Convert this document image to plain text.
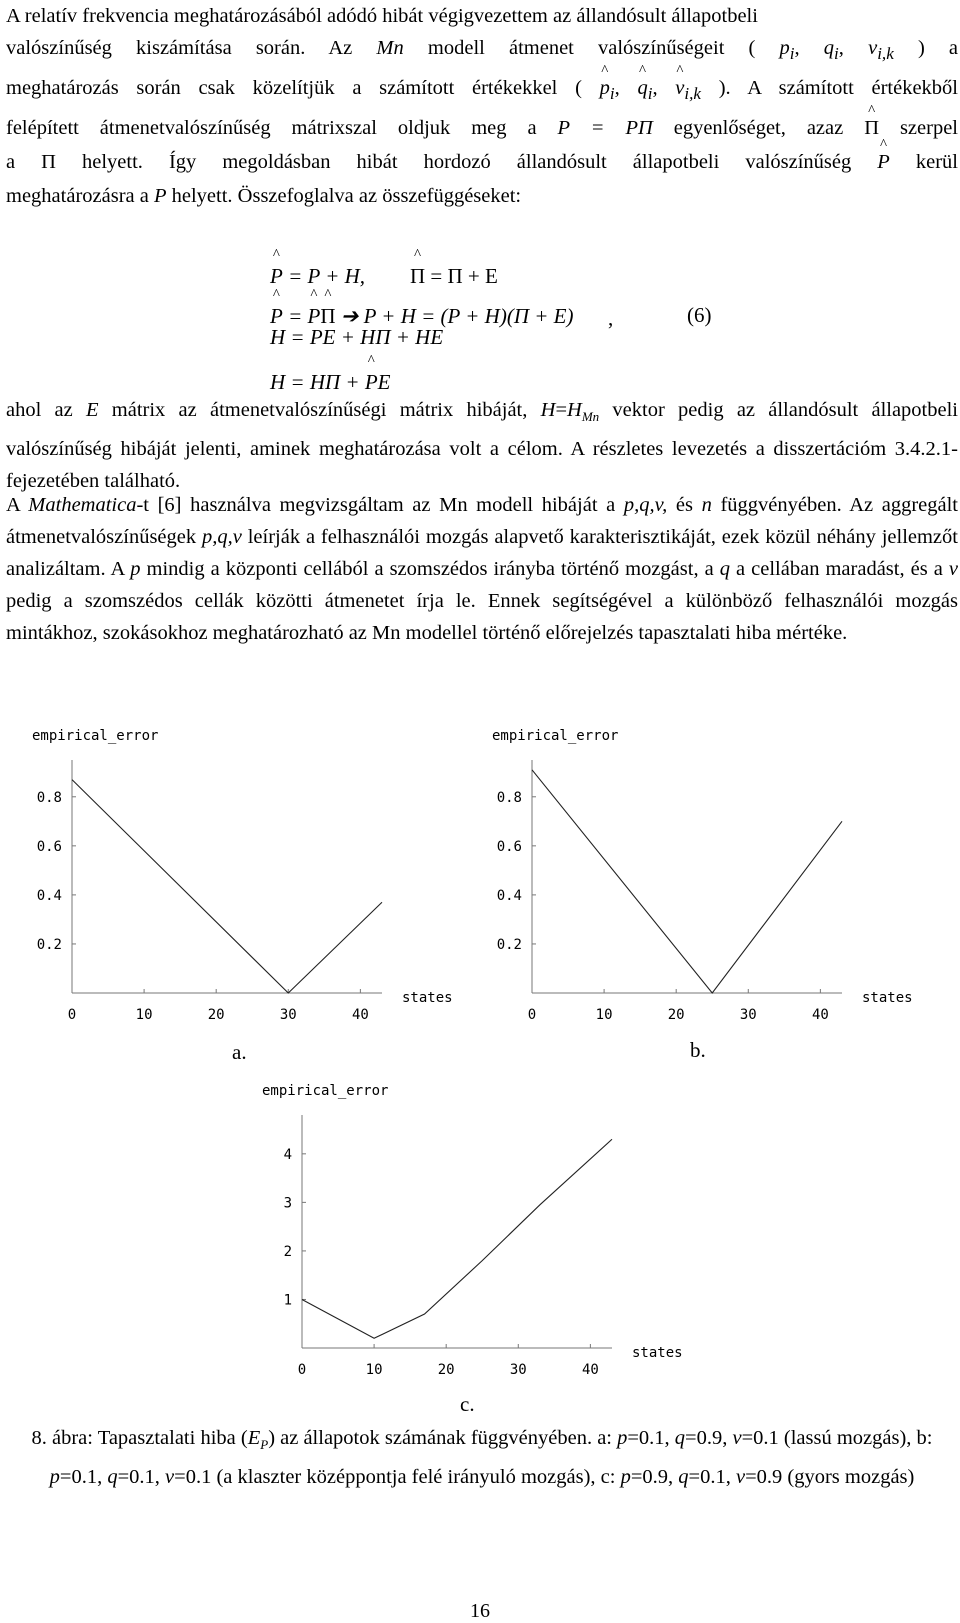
A relatív frekvencia meghatározásából adódó hibát végigvezettem az állandósult állapotbeli

valószínűség kiszámítása során. Az Mn modell átmenet valószínűségeit ( $p_i$, $q_i$, $v_{i,k}$ ) a

meghatározás során csak közelítjük a számított értékekkel ( ^ $p_i$, ^ $q_i$, ^ $v_{i,k}$ ). A számított értékekből

felépített átmenetvalószínűség mátrixszal oldjuk meg a P = PΠ egyenlőséget, azaz ^ Π szerpel

a Π helyett. Így megoldásban hibát hordozó állandósult állapotbeli valószínűség ^ P kerül

meghatározásra a P helyett. Összefoglalva az összefüggéseket:

^ P = P + H,
^ Π = Π + E
^ P = ^ P^ Π ➔ P + H = (P + H)(Π + E) ,	(6)
H = PE + HΠ + HE
H = HΠ + ^ PE

ahol az E mátrix az átmenetvalószínűségi mátrix hibáját, $H=H_{Mn}$ vektor pedig az állandósult állapotbeli valószínűség hibáját jelenti, aminek meghatározása volt a célom. A részletes levezetés a disszertációm 3.4.2.1-fejezetében található.

A Mathematica-t [6] használva megvizsgáltam az Mn modell hibáját a p,q,v, és n függvényében. Az aggregált átmenetvalószínűségek p,q,v leírják a felhasználói mozgás alapvető karakterisztikáját, ezek közül néhány jellemzőt analizáltam. A p mindig a központi cellából a szomszédos irányba történő mozgást, a q a cellában maradást, és a v pedig a szomszédos cellák közötti átmenetet írja le. Ennek segítségével a különböző felhasználói mozgás mintákhoz, szokásokhoz meghatározható az Mn modellel történő előrejelzés tapasztalati hiba mértéke.

empirical_error
states
0	10	20	30	40
0.2
0.4
0.6
0.8
empirical_error
states
0	10	20	30	40
0.2
0.4
0.6
0.8
empirical_error
states
0	10	20	30	40
1
2
3
4
a.	b.
c.
8. ábra: Tapasztalati hiba $(E_P)$ az állapotok számának függvényében. a: p=0.1, q=0.9, v=0.1 (lassú mozgás), b: p=0.1, q=0.1, v=0.1 (a klaszter középpontja felé irányuló mozgás), c: p=0.9, q=0.1, v=0.9 (gyors mozgás)
16
